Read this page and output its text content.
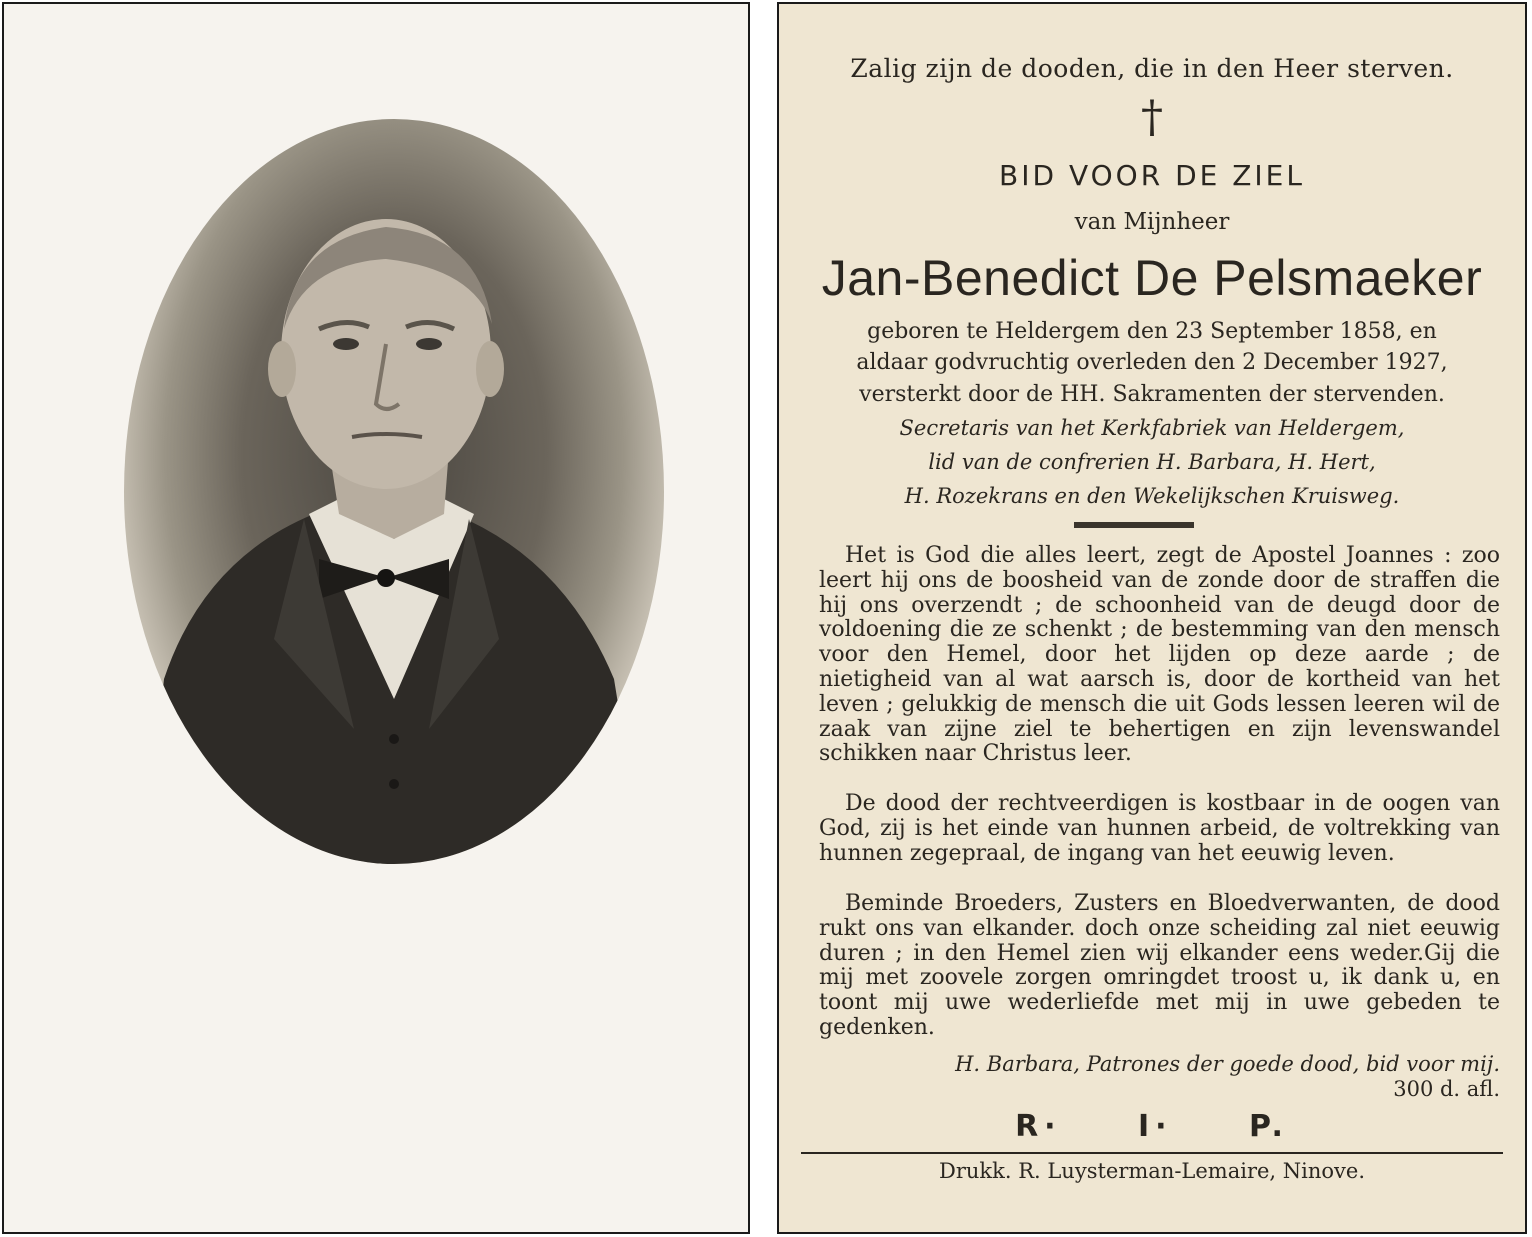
Zalig zijn de dooden, die in den Heer sterven.
†
BID VOOR DE ZIEL
van Mijnheer
Jan-Benedict De Pelsmaeker
geboren te Heldergem den 23 September 1858, en
aldaar godvruchtig overleden den 2 December 1927,
versterkt door de HH. Sakramenten der stervenden.
Secretaris van het Kerkfabriek van Heldergem,
lid van de confrerien H. Barbara, H. Hert,
H. Rozekrans en den Wekelijkschen Kruisweg.
Het is God die alles leert, zegt de Apostel Joannes : zoo leert hij ons de boosheid van de zonde door de straffen die hij ons overzendt ; de schoonheid van de deugd door de voldoening die ze schenkt ; de bestemming van den mensch voor den Hemel, door het lijden op deze aarde ; de nietigheid van al wat aarsch is, door de kortheid van het leven ; gelukkig de mensch die uit Gods lessen leeren wil de zaak van zijne ziel te behertigen en zijn levenswandel schikken naar Christus leer.
De dood der rechtveerdigen is kostbaar in de oogen van God, zij is het einde van hunnen arbeid, de voltrekking van hunnen zegepraal, de ingang van het eeuwig leven.
Beminde Broeders, Zusters en Bloedverwanten, de dood rukt ons van elkander. doch onze scheiding zal niet eeuwig duren ; in den Hemel zien wij elkander eens weder.Gij die mij met zoovele zorgen omringdet troost u, ik dank u, en toont mij uwe wederliefde met mij in uwe gebeden te gedenken.
H. Barbara, Patrones der goede dood, bid voor mij.
300 d. afl.
R· I· P.
Drukk. R. Luysterman-Lemaire, Ninove.
